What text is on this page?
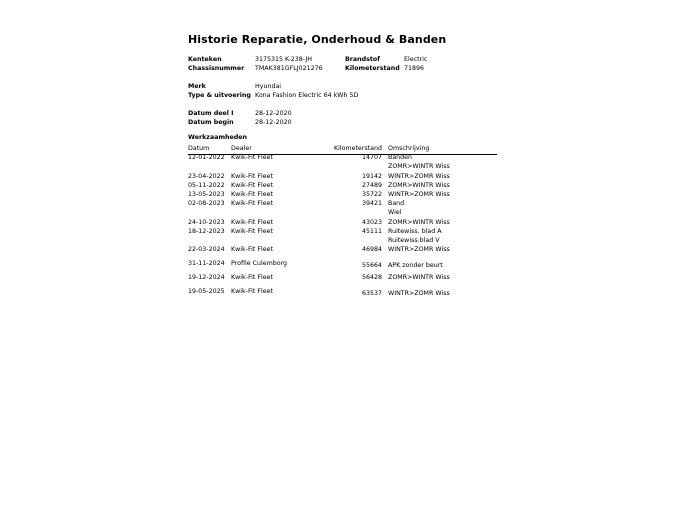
Historie Reparatie, Onderhoud & Banden
Kenteken	3175315 K-238-JH	Brandstof	Electric
Chassisnummer TMAK381GFLJ021276	Kilometerstand 71896
Merk	Hyundai
Type & uitvoering Kona Fashion Electric 64 kWh 5D
Datum deel I	28-12-2020
Datum begin	28-12-2020
Werkzaamheden
Datum	Dealer	Kilometerstand Omschrijving
12-01-2022 Kwik-Fit Fleet	14707 Banden
ZOMR>WINTR Wiss
23-04-2022 Kwik-Fit Fleet	19142 WINTR>ZOMR Wiss
05-11-2022 Kwik-Fit Fleet	27489 ZOMR>WINTR Wiss
13-05-2023 Kwik-Fit Fleet	35722 WINTR>ZOMR Wiss
02-08-2023 Kwik-Fit Fleet	39421 Band
Wiel
24-10-2023 Kwik-Fit Fleet	43023 ZOMR>WINTR Wiss
18-12-2023 Kwik-Fit Fleet	45111 Ruitewiss. blad A
Ruitewiss.blad V
22-03-2024 Kwik-Fit Fleet	46984 WINTR>ZOMR Wiss
31-11-2024 Profile Culemborg	55664 APK zonder beurt
19-12-2024 Kwik-Fit Fleet	56428 ZOMR>WINTR Wiss
19-05-2025 Kwik-Fit Fleet	63537 WINTR>ZOMR Wiss
